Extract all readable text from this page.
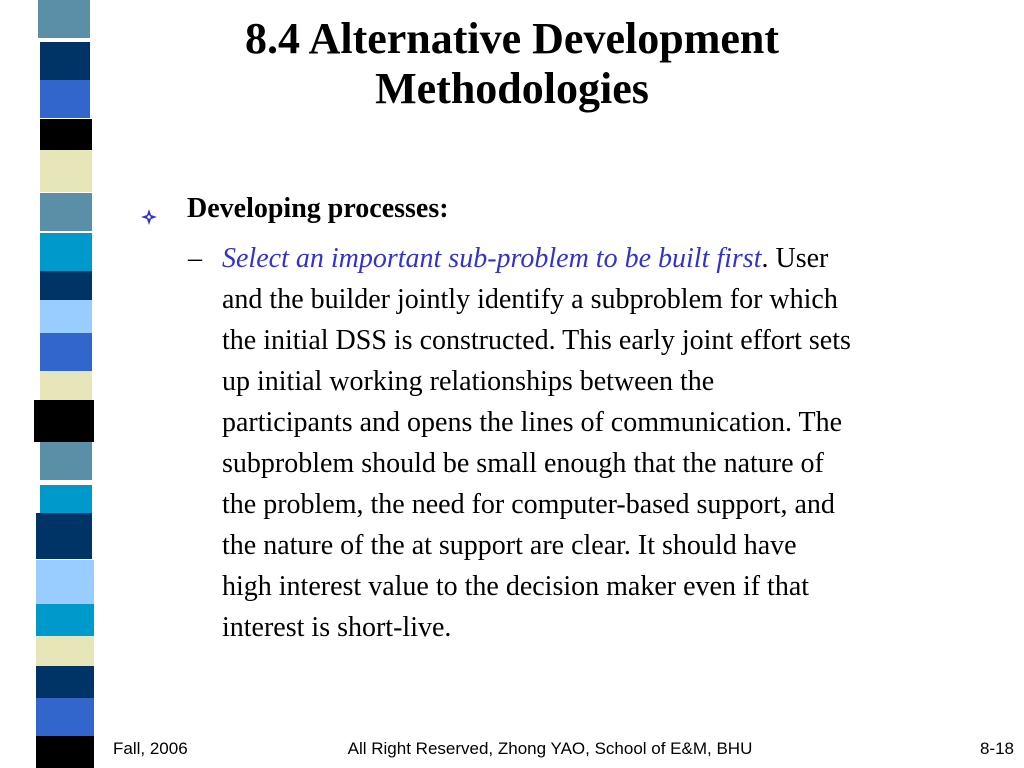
8.4 Alternative Development
Methodologies
Developing processes:
– Select an important sub-problem to be built first. User
and the builder jointly identify a subproblem for which
the initial DSS is constructed. This early joint effort sets
up initial working relationships between the
participants and opens the lines of communication. The
subproblem should be small enough that the nature of
the problem, the need for computer-based support, and
the nature of the at support are clear. It should have
high interest value to the decision maker even if that
interest is short-live.
Fall, 2006	All Right Reserved, Zhong YAO, School of E&M, BHU	8-18
